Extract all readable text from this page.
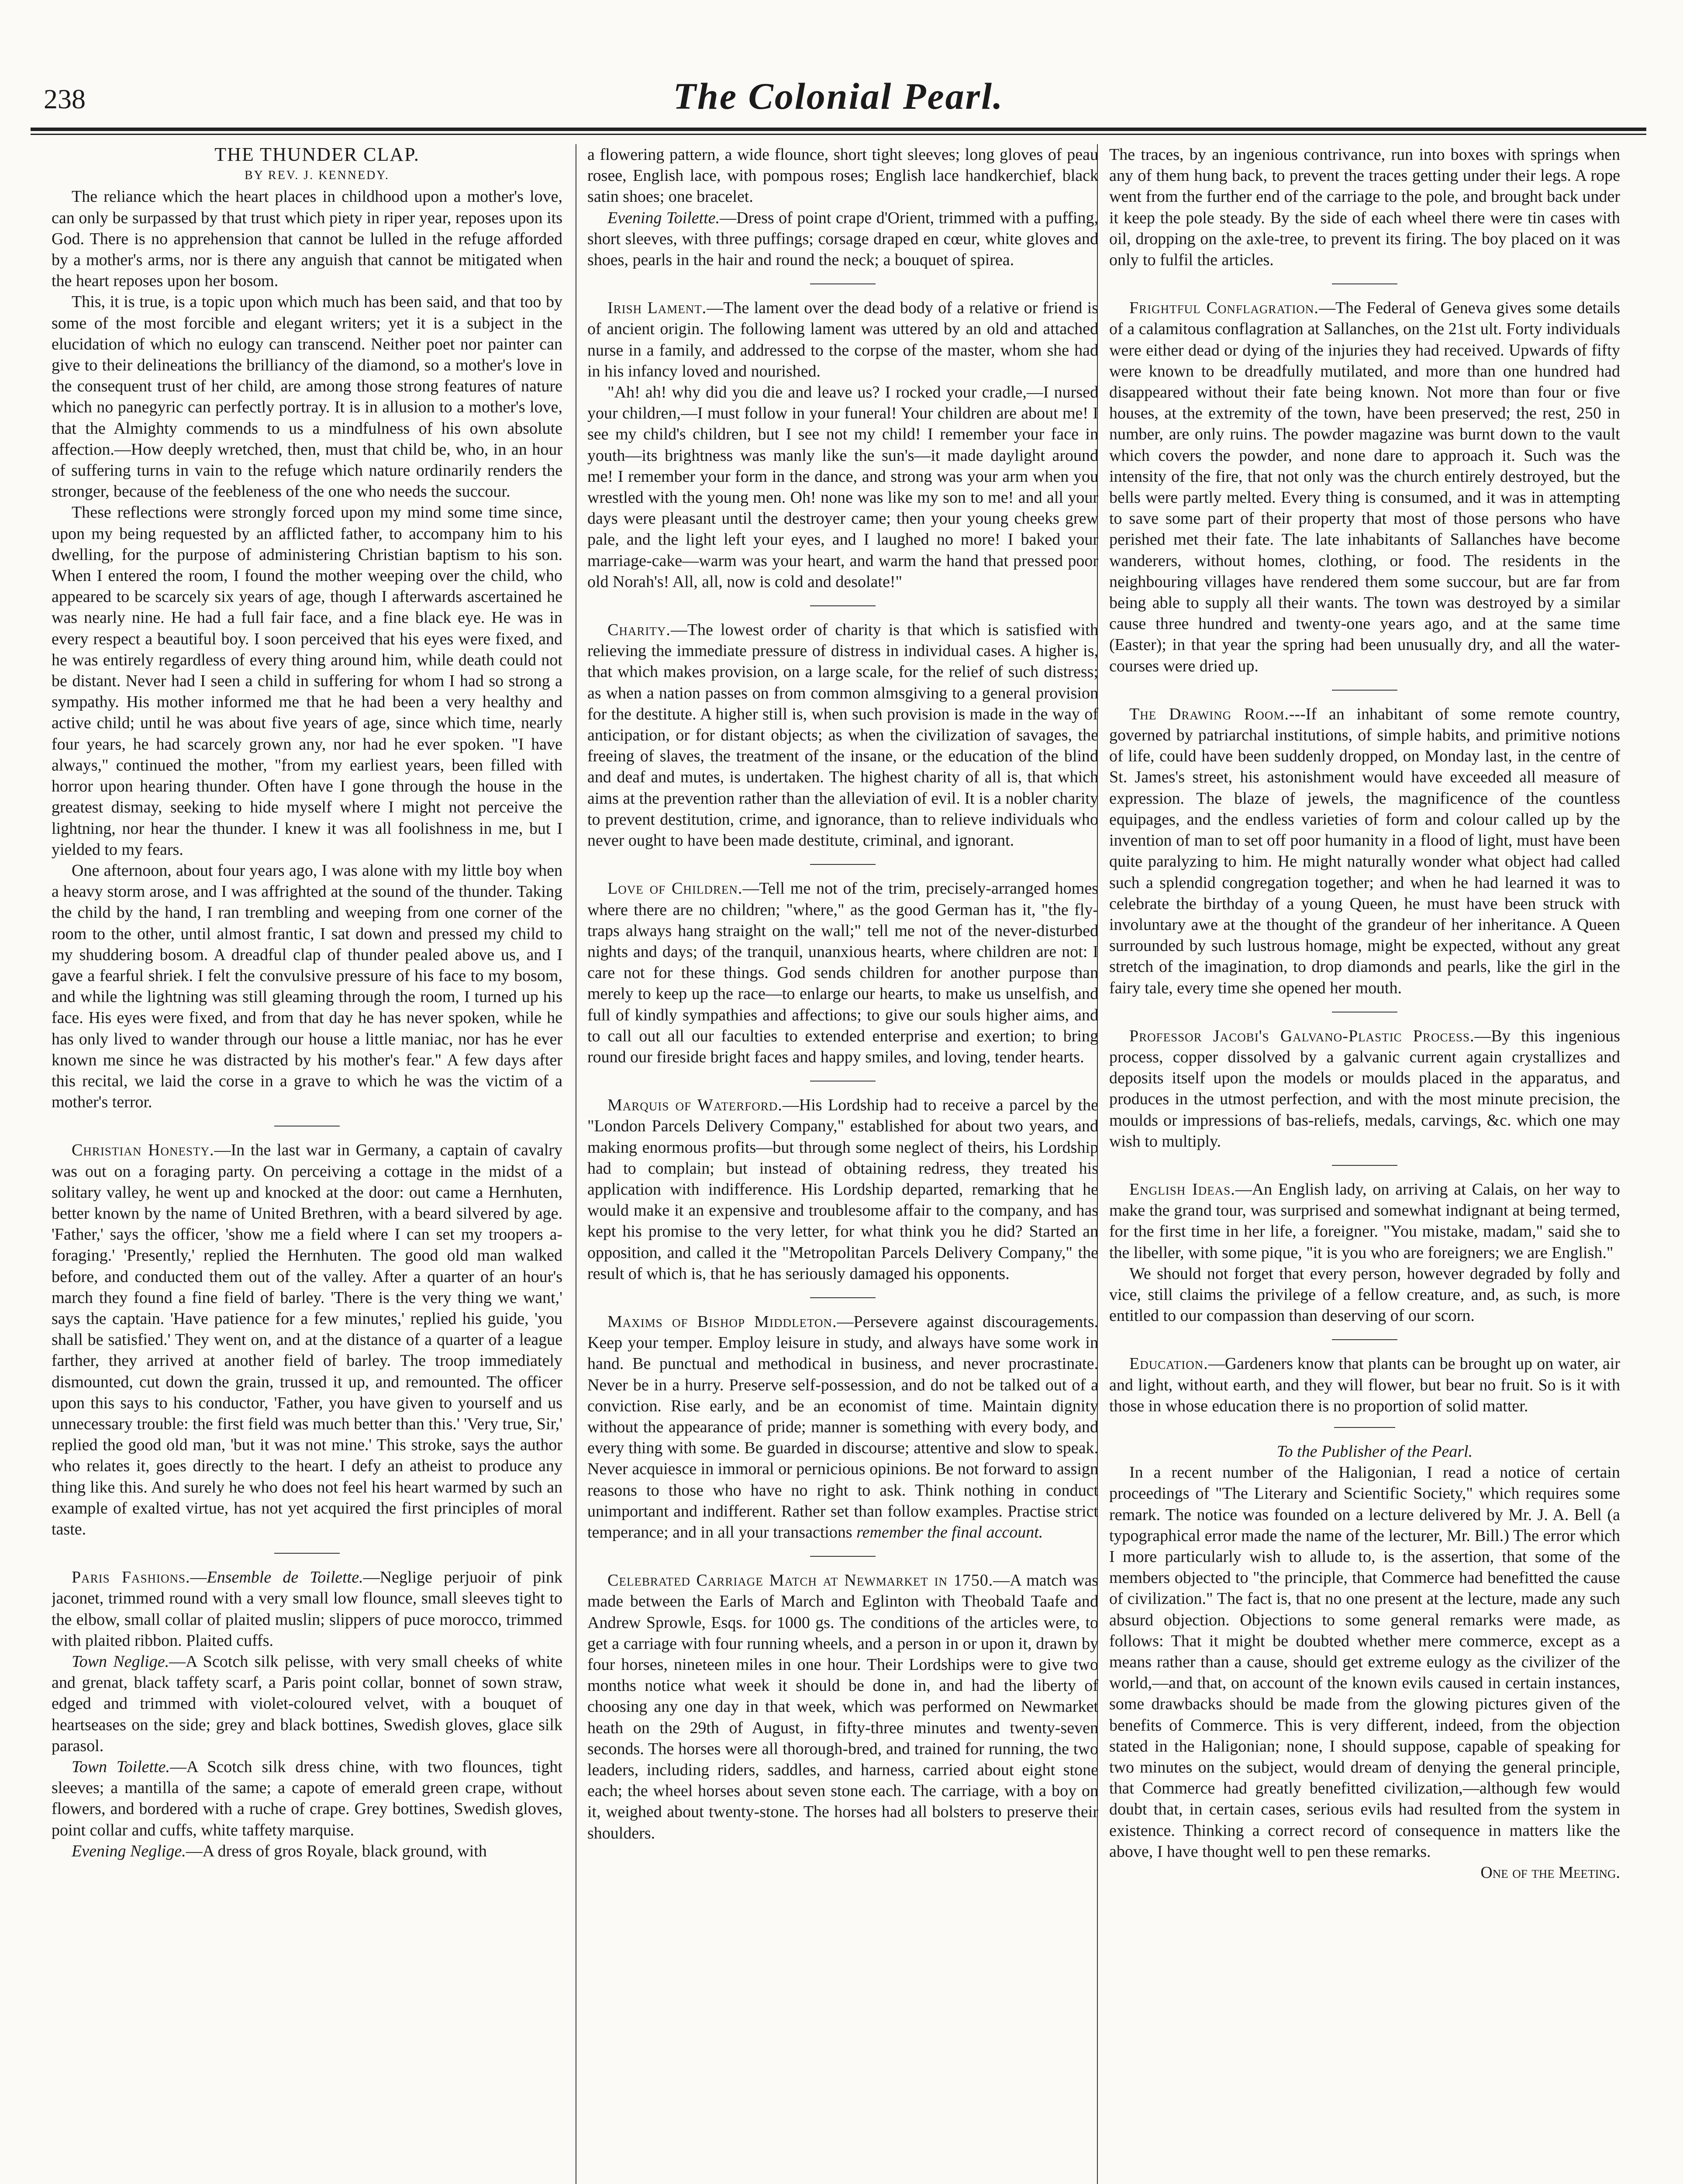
238	The Colonial Pearl.

THE THUNDER CLAP.

BY REV. J. KENNEDY.

The reliance which the heart places in childhood upon a mother's love, can only be surpassed by that trust which piety in riper year, reposes upon its God. There is no apprehension that cannot be lulled in the refuge afforded by a mother's arms, nor is there any anguish that cannot be mitigated when the heart reposes upon her bosom.

This, it is true, is a topic upon which much has been said, and that too by some of the most forcible and elegant writers; yet it is a subject in the elucidation of which no eulogy can transcend. Neither poet nor painter can give to their delineations the brilliancy of the diamond, so a mother's love in the consequent trust of her child, are among those strong features of nature which no panegyric can perfectly portray. It is in allusion to a mother's love, that the Almighty commends to us a mindfulness of his own absolute affection.—How deeply wretched, then, must that child be, who, in an hour of suffering turns in vain to the refuge which nature ordinarily renders the stronger, because of the feebleness of the one who needs the succour.

These reflections were strongly forced upon my mind some time since, upon my being requested by an afflicted father, to accompany him to his dwelling, for the purpose of administering Christian baptism to his son. When I entered the room, I found the mother weeping over the child, who appeared to be scarcely six years of age, though I afterwards ascertained he was nearly nine. He had a full fair face, and a fine black eye. He was in every respect a beautiful boy. I soon perceived that his eyes were fixed, and he was entirely regardless of every thing around him, while death could not be distant. Never had I seen a child in suffering for whom I had so strong a sympathy. His mother informed me that he had been a very healthy and active child; until he was about five years of age, since which time, nearly four years, he had scarcely grown any, nor had he ever spoken. "I have always," continued the mother, "from my earliest years, been filled with horror upon hearing thunder. Often have I gone through the house in the greatest dismay, seeking to hide myself where I might not perceive the lightning, nor hear the thunder. I knew it was all foolishness in me, but I yielded to my fears.

One afternoon, about four years ago, I was alone with my little boy when a heavy storm arose, and I was affrighted at the sound of the thunder. Taking the child by the hand, I ran trembling and weeping from one corner of the room to the other, until almost frantic, I sat down and pressed my child to my shuddering bosom. A dreadful clap of thunder pealed above us, and I gave a fearful shriek. I felt the convulsive pressure of his face to my bosom, and while the lightning was still gleaming through the room, I turned up his face. His eyes were fixed, and from that day he has never spoken, while he has only lived to wander through our house a little maniac, nor has he ever known me since he was distracted by his mother's fear." A few days after this recital, we laid the corse in a grave to which he was the victim of a mother's terror.

Christian Honesty.—In the last war in Germany, a captain of cavalry was out on a foraging party. On perceiving a cottage in the midst of a solitary valley, he went up and knocked at the door: out came a Hernhuten, better known by the name of United Brethren, with a beard silvered by age. 'Father,' says the officer, 'show me a field where I can set my troopers a-foraging.' 'Presently,' replied the Hernhuten. The good old man walked before, and conducted them out of the valley. After a quarter of an hour's march they found a fine field of barley. 'There is the very thing we want,' says the captain. 'Have patience for a few minutes,' replied his guide, 'you shall be satisfied.' They went on, and at the distance of a quarter of a league farther, they arrived at another field of barley. The troop immediately dismounted, cut down the grain, trussed it up, and remounted. The officer upon this says to his conductor, 'Father, you have given to yourself and us unnecessary trouble: the first field was much better than this.' 'Very true, Sir,' replied the good old man, 'but it was not mine.' This stroke, says the author who relates it, goes directly to the heart. I defy an atheist to produce any thing like this. And surely he who does not feel his heart warmed by such an example of exalted virtue, has not yet acquired the first principles of moral taste.

Paris Fashions.—Ensemble de Toilette.—Neglige perjuoir of pink jaconet, trimmed round with a very small low flounce, small sleeves tight to the elbow, small collar of plaited muslin; slippers of puce morocco, trimmed with plaited ribbon. Plaited cuffs.

Town Neglige.—A Scotch silk pelisse, with very small cheeks of white and grenat, black taffety scarf, a Paris point collar, bonnet of sown straw, edged and trimmed with violet-coloured velvet, with a bouquet of heartseases on the side; grey and black bottines, Swedish gloves, glace silk parasol.

Town Toilette.—A Scotch silk dress chine, with two flounces, tight sleeves; a mantilla of the same; a capote of emerald green crape, without flowers, and bordered with a ruche of crape. Grey bottines, Swedish gloves, point collar and cuffs, white taffety marquise.

Evening Neglige.—A dress of gros Royale, black ground, with

a flowering pattern, a wide flounce, short tight sleeves; long gloves of peau rosee, English lace, with pompous roses; English lace handkerchief, black satin shoes; one bracelet.

Evening Toilette.—Dress of point crape d'Orient, trimmed with a puffing, short sleeves, with three puffings; corsage draped en cœur, white gloves and shoes, pearls in the hair and round the neck; a bouquet of spirea.

Irish Lament.—The lament over the dead body of a relative or friend is of ancient origin. The following lament was uttered by an old and attached nurse in a family, and addressed to the corpse of the master, whom she had in his infancy loved and nourished.

"Ah! ah! why did you die and leave us? I rocked your cradle,—I nursed your children,—I must follow in your funeral! Your children are about me! I see my child's children, but I see not my child! I remember your face in youth—its brightness was manly like the sun's—it made daylight around me! I remember your form in the dance, and strong was your arm when you wrestled with the young men. Oh! none was like my son to me! and all your days were pleasant until the destroyer came; then your young cheeks grew pale, and the light left your eyes, and I laughed no more! I baked your marriage-cake—warm was your heart, and warm the hand that pressed poor old Norah's! All, all, now is cold and desolate!"

Charity.—The lowest order of charity is that which is satisfied with relieving the immediate pressure of distress in individual cases. A higher is, that which makes provision, on a large scale, for the relief of such distress; as when a nation passes on from common almsgiving to a general provision for the destitute. A higher still is, when such provision is made in the way of anticipation, or for distant objects; as when the civilization of savages, the freeing of slaves, the treatment of the insane, or the education of the blind and deaf and mutes, is undertaken. The highest charity of all is, that which aims at the prevention rather than the alleviation of evil. It is a nobler charity to prevent destitution, crime, and ignorance, than to relieve individuals who never ought to have been made destitute, criminal, and ignorant.

Love of Children.—Tell me not of the trim, precisely-arranged homes where there are no children; "where," as the good German has it, "the fly-traps always hang straight on the wall;" tell me not of the never-disturbed nights and days; of the tranquil, unanxious hearts, where children are not: I care not for these things. God sends children for another purpose than merely to keep up the race—to enlarge our hearts, to make us unselfish, and full of kindly sympathies and affections; to give our souls higher aims, and to call out all our faculties to extended enterprise and exertion; to bring round our fireside bright faces and happy smiles, and loving, tender hearts.

Marquis of Waterford.—His Lordship had to receive a parcel by the "London Parcels Delivery Company," established for about two years, and making enormous profits—but through some neglect of theirs, his Lordship had to complain; but instead of obtaining redress, they treated his application with indifference. His Lordship departed, remarking that he would make it an expensive and troublesome affair to the company, and has kept his promise to the very letter, for what think you he did? Started an opposition, and called it the "Metropolitan Parcels Delivery Company," the result of which is, that he has seriously damaged his opponents.

Maxims of Bishop Middleton.—Persevere against discouragements. Keep your temper. Employ leisure in study, and always have some work in hand. Be punctual and methodical in business, and never procrastinate. Never be in a hurry. Preserve self-possession, and do not be talked out of a conviction. Rise early, and be an economist of time. Maintain dignity without the appearance of pride; manner is something with every body, and every thing with some. Be guarded in discourse; attentive and slow to speak. Never acquiesce in immoral or pernicious opinions. Be not forward to assign reasons to those who have no right to ask. Think nothing in conduct unimportant and indifferent. Rather set than follow examples. Practise strict temperance; and in all your transactions remember the final account.

Celebrated Carriage Match at Newmarket in 1750.—A match was made between the Earls of March and Eglinton with Theobald Taafe and Andrew Sprowle, Esqs. for 1000 gs. The conditions of the articles were, to get a carriage with four running wheels, and a person in or upon it, drawn by four horses, nineteen miles in one hour. Their Lordships were to give two months notice what week it should be done in, and had the liberty of choosing any one day in that week, which was performed on Newmarket heath on the 29th of August, in fifty-three minutes and twenty-seven seconds. The horses were all thorough-bred, and trained for running, the two leaders, including riders, saddles, and harness, carried about eight stone each; the wheel horses about seven stone each. The carriage, with a boy on it, weighed about twenty-stone. The horses had all bolsters to preserve their shoulders.

The traces, by an ingenious contrivance, run into boxes with springs when any of them hung back, to prevent the traces getting under their legs. A rope went from the further end of the carriage to the pole, and brought back under it keep the pole steady. By the side of each wheel there were tin cases with oil, dropping on the axle-tree, to prevent its firing. The boy placed on it was only to fulfil the articles.

Frightful Conflagration.—The Federal of Geneva gives some details of a calamitous conflagration at Sallanches, on the 21st ult. Forty individuals were either dead or dying of the injuries they had received. Upwards of fifty were known to be dreadfully mutilated, and more than one hundred had disappeared without their fate being known. Not more than four or five houses, at the extremity of the town, have been preserved; the rest, 250 in number, are only ruins. The powder magazine was burnt down to the vault which covers the powder, and none dare to approach it. Such was the intensity of the fire, that not only was the church entirely destroyed, but the bells were partly melted. Every thing is consumed, and it was in attempting to save some part of their property that most of those persons who have perished met their fate. The late inhabitants of Sallanches have become wanderers, without homes, clothing, or food. The residents in the neighbouring villages have rendered them some succour, but are far from being able to supply all their wants. The town was destroyed by a similar cause three hundred and twenty-one years ago, and at the same time (Easter); in that year the spring had been unusually dry, and all the water-courses were dried up.

The Drawing Room.---If an inhabitant of some remote country, governed by patriarchal institutions, of simple habits, and primitive notions of life, could have been suddenly dropped, on Monday last, in the centre of St. James's street, his astonishment would have exceeded all measure of expression. The blaze of jewels, the magnificence of the countless equipages, and the endless varieties of form and colour called up by the invention of man to set off poor humanity in a flood of light, must have been quite paralyzing to him. He might naturally wonder what object had called such a splendid congregation together; and when he had learned it was to celebrate the birthday of a young Queen, he must have been struck with involuntary awe at the thought of the grandeur of her inheritance. A Queen surrounded by such lustrous homage, might be expected, without any great stretch of the imagination, to drop diamonds and pearls, like the girl in the fairy tale, every time she opened her mouth.

Professor Jacobi's Galvano-Plastic Process.—By this ingenious process, copper dissolved by a galvanic current again crystallizes and deposits itself upon the models or moulds placed in the apparatus, and produces in the utmost perfection, and with the most minute precision, the moulds or impressions of bas-reliefs, medals, carvings, &c. which one may wish to multiply.

English Ideas.—An English lady, on arriving at Calais, on her way to make the grand tour, was surprised and somewhat indignant at being termed, for the first time in her life, a foreigner. "You mistake, madam," said she to the libeller, with some pique, "it is you who are foreigners; we are English."

We should not forget that every person, however degraded by folly and vice, still claims the privilege of a fellow creature, and, as such, is more entitled to our compassion than deserving of our scorn.

Education.—Gardeners know that plants can be brought up on water, air and light, without earth, and they will flower, but bear no fruit. So is it with those in whose education there is no proportion of solid matter.

To the Publisher of the Pearl.

In a recent number of the Haligonian, I read a notice of certain proceedings of "The Literary and Scientific Society," which requires some remark. The notice was founded on a lecture delivered by Mr. J. A. Bell (a typographical error made the name of the lecturer, Mr. Bill.) The error which I more particularly wish to allude to, is the assertion, that some of the members objected to "the principle, that Commerce had benefitted the cause of civilization." The fact is, that no one present at the lecture, made any such absurd objection. Objections to some general remarks were made, as follows: That it might be doubted whether mere commerce, except as a means rather than a cause, should get extreme eulogy as the civilizer of the world,—and that, on account of the known evils caused in certain instances, some drawbacks should be made from the glowing pictures given of the benefits of Commerce. This is very different, indeed, from the objection stated in the Haligonian; none, I should suppose, capable of speaking for two minutes on the subject, would dream of denying the general principle, that Commerce had greatly benefitted civilization,—although few would doubt that, in certain cases, serious evils had resulted from the system in existence. Thinking a correct record of consequence in matters like the above, I have thought well to pen these remarks.

One of the Meeting.
